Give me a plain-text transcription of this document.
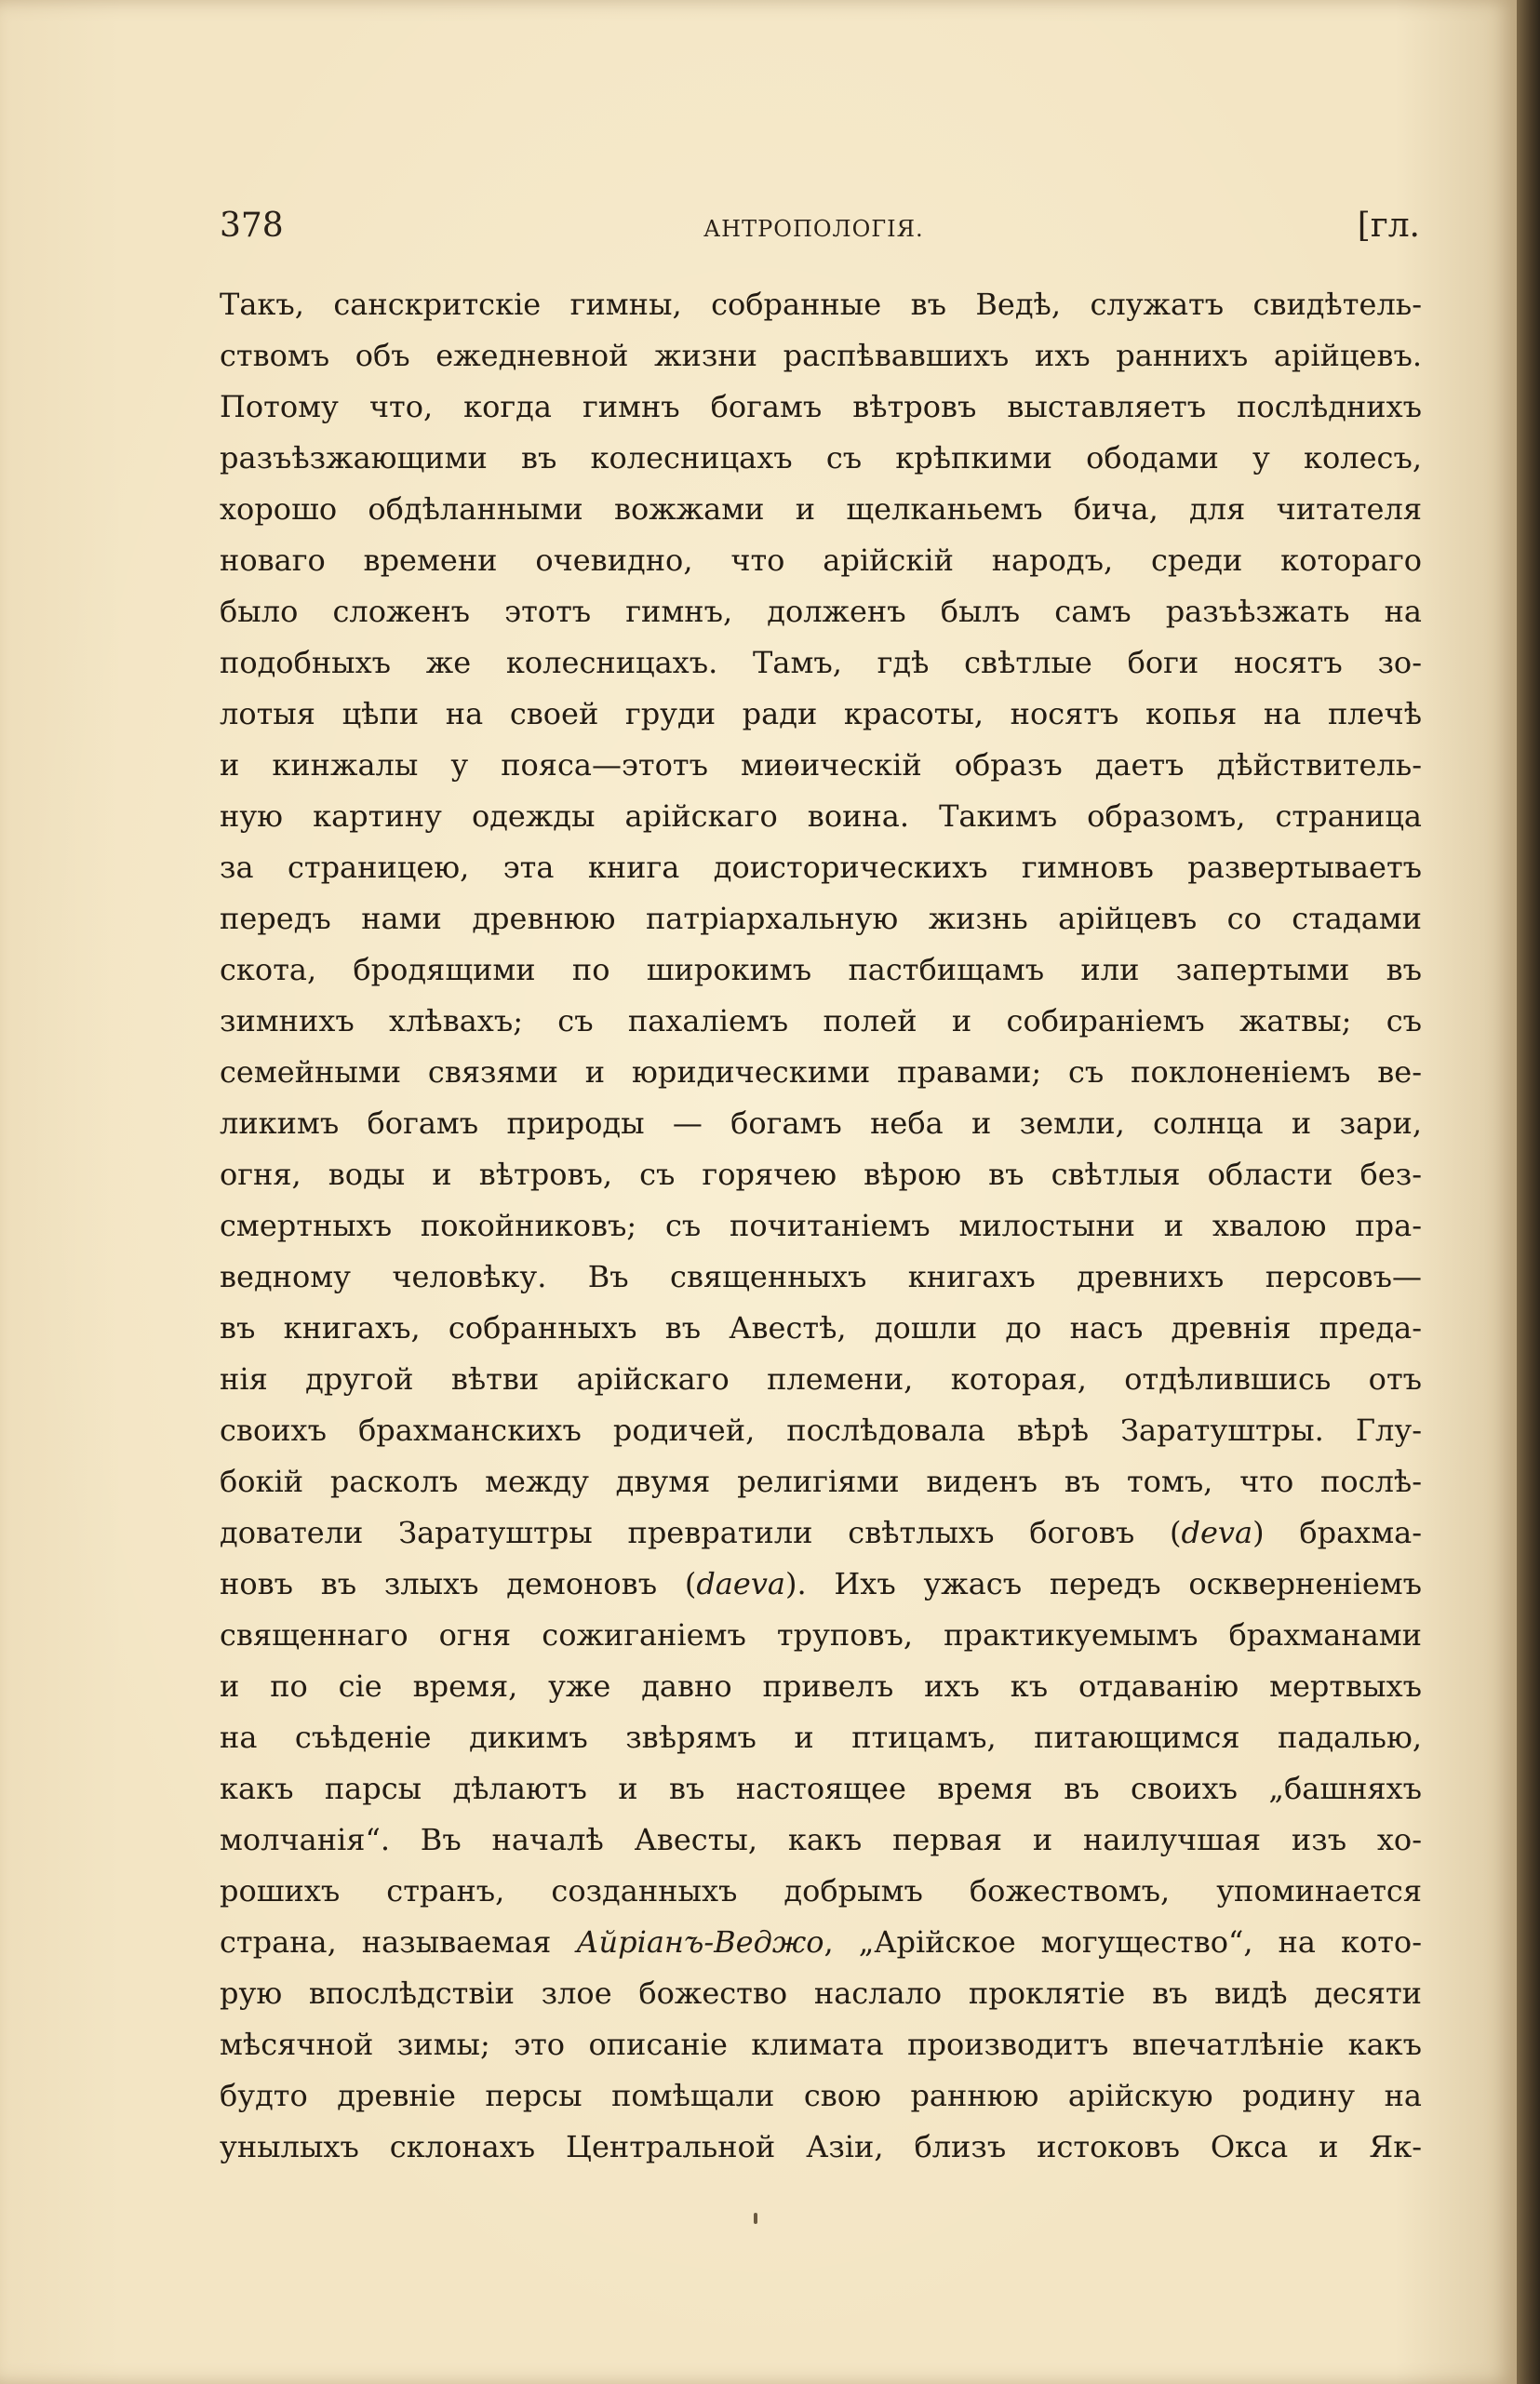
378	АНТРОПОЛОГІЯ.	[гл.
Такъ, санскритскіе гимны, собранные въ Ведѣ, служатъ свидѣтель-
ствомъ объ ежедневной жизни распѣвавшихъ ихъ раннихъ арійцевъ.
Потому что, когда гимнъ богамъ вѣтровъ выставляетъ послѣднихъ
разъѣзжающими въ колесницахъ съ крѣпкими ободами у колесъ,
хорошо обдѣланными вожжами и щелканьемъ бича, для читателя
новаго времени очевидно, что арійскій народъ, среди котораго
было сложенъ этотъ гимнъ, долженъ былъ самъ разъѣзжать на
подобныхъ же колесницахъ. Тамъ, гдѣ свѣтлые боги носятъ зо-
лотыя цѣпи на своей груди ради красоты, носятъ копья на плечѣ
и кинжалы у пояса—этотъ миѳическій образъ даетъ дѣйствитель-
ную картину одежды арійскаго воина. Такимъ образомъ, страница
за страницею, эта книга доисторическихъ гимновъ развертываетъ
передъ нами древнюю патріархальную жизнь арійцевъ со стадами
скота, бродящими по широкимъ пастбищамъ или запертыми въ
зимнихъ хлѣвахъ; съ пахаліемъ полей и собираніемъ жатвы; съ
семейными связями и юридическими правами; съ поклоненіемъ ве-
ликимъ богамъ природы — богамъ неба и земли, солнца и зари,
огня, воды и вѣтровъ, съ горячею вѣрою въ свѣтлыя области без-
смертныхъ покойниковъ; съ почитаніемъ милостыни и хвалою пра-
ведному человѣку. Въ священныхъ книгахъ древнихъ персовъ—
въ книгахъ, собранныхъ въ Авестѣ, дошли до насъ древнія преда-
нія другой вѣтви арійскаго племени, которая, отдѣлившись отъ
своихъ брахманскихъ родичей, послѣдовала вѣрѣ Заратуштры. Глу-
бокій расколъ между двумя религіями виденъ въ томъ, что послѣ-
дователи Заратуштры превратили свѣтлыхъ боговъ (deva) брахма-
новъ въ злыхъ демоновъ (daeva). Ихъ ужасъ передъ оскверненіемъ
священнаго огня сожиганіемъ труповъ, практикуемымъ брахманами
и по сіе время, уже давно привелъ ихъ къ отдаванію мертвыхъ
на съѣденіе дикимъ звѣрямъ и птицамъ, питающимся падалью,
какъ парсы дѣлаютъ и въ настоящее время въ своихъ „башняхъ
молчанія“. Въ началѣ Авесты, какъ первая и наилучшая изъ хо-
рошихъ странъ, созданныхъ добрымъ божествомъ, упоминается
страна, называемая Айріанъ-Веджо, „Арійское могущество“, на кото-
рую впослѣдствіи злое божество наслало проклятіе въ видѣ десяти
мѣсячной зимы; это описаніе климата производитъ впечатлѣніе какъ
будто древніе персы помѣщали свою раннюю арійскую родину на
унылыхъ склонахъ Центральной Азіи, близъ истоковъ Окса и Як-
